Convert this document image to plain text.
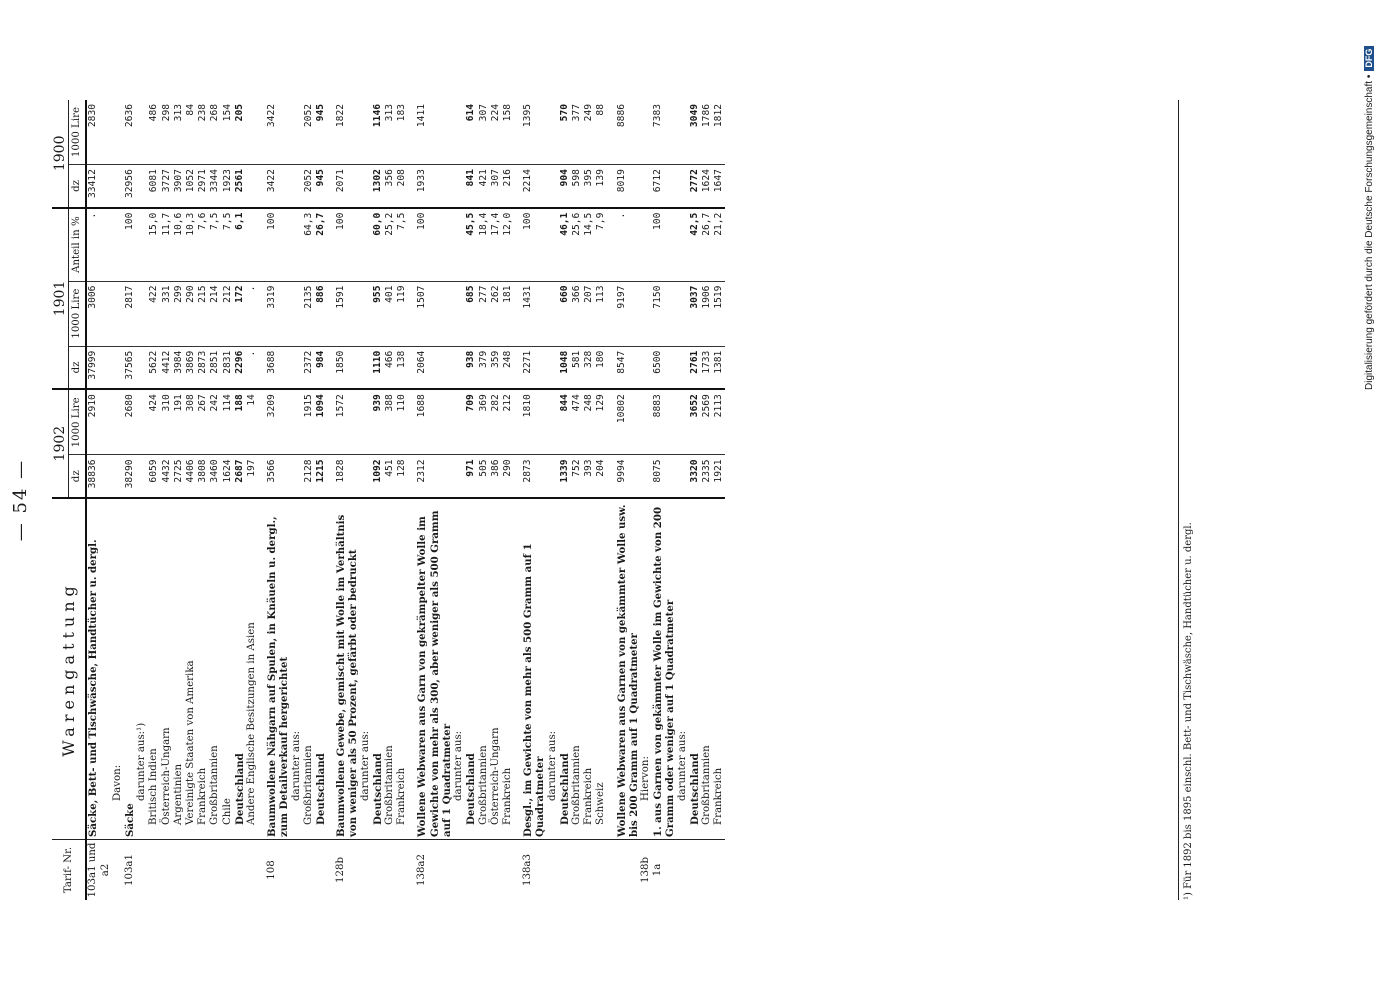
— 54 —
Tarif- Nr.	Warengattung	1902		1901			1900	
		dz	1000 Lire	dz	1000 Lire	Anteil in %	dz	1000 Lire
103a1 und a2	Säcke, Bett- und Tischwäsche, Handtücher u. dergl.	38836	2910	37999	3006	.	33412	2830
	Davon:							
103a1	Säcke	38290	2680	37565	2817	100	32956	2636
	darunter aus:¹)							
	Britisch Indien	6059	424	5622	422	15,0	6081	486
	Österreich-Ungarn	4432	310	4412	331	11,7	3727	298
	Argentinien	2725	191	3984	299	10,6	3907	313
	Vereinigte Staaten von Amerika	4406	308	3869	290	10,3	1052	84
	Frankreich	3808	267	2873	215	7,6	2971	238
	Großbritannien	3460	242	2851	214	7,5	3344	268
	Chile	1624	114	2831	212	7,5	1923	154
	Deutschland	2687	188	2296	172	6,1	2561	205
	Andere Englische Besitzungen in Asien	197	14	.	.			

108	Baumwollene Nähgarn auf Spulen, in Knäueln u. dergl., zum Detailverkauf hergerichtet	3566	3209	3688	3319	100	3422	3422
	darunter aus:							
	Großbritannien	2128	1915	2372	2135	64,3	2052	2052
	Deutschland	1215	1094	984	886	26,7	945	945

128b	Baumwollene Gewebe, gemischt mit Wolle im Verhältnis von weniger als 50 Prozent, gefärbt oder bedruckt	1828	1572	1850	1591	100	2071	1822
	darunter aus:							
	Deutschland	1092	939	1110	955	60,0	1302	1146
	Großbritannien	451	388	466	401	25,2	356	313
	Frankreich	128	110	138	119	7,5	208	183

138a2	Wollene Webwaren aus Garn von gekrämpelter Wolle im Gewichte von mehr als 300, aber weniger als 500 Gramm auf 1 Quadratmeter	2312	1688	2064	1507	100	1933	1411
	darunter aus:							
	Deutschland	971	709	938	685	45,5	841	614
	Großbritannien	505	369	379	277	18,4	421	307
	Österreich-Ungarn	386	282	359	262	17,4	307	224
	Frankreich	290	212	248	181	12,0	216	158

138a3	Desgl., im Gewichte von mehr als 500 Gramm auf 1 Quadratmeter	2873	1810	2271	1431	100	2214	1395
	darunter aus:							
	Deutschland	1339	844	1048	660	46,1	904	570
	Großbritannien	752	474	581	366	25,6	598	377
	Frankreich	393	248	328	207	14,5	395	249
	Schweiz	204	129	180	113	7,9	139	88

	Wollene Webwaren aus Garnen von gekämmter Wolle usw. bis 200 Gramm auf 1 Quadratmeter	9994	10802	8547	9197	.	8019	8886
138b	Hiervon:							
1a	1. aus Garnen von gekämmter Wolle im Gewichte von 200 Gramm oder weniger auf 1 Quadratmeter	8075	8883	6500	7150	100	6712	7383
	darunter aus:							
	Deutschland	3320	3652	2761	3037	42,5	2772	3049
	Großbritannien	2335	2569	1733	1906	26,7	1624	1786
	Frankreich	1921	2113	1381	1519	21,2	1647	1812
¹) Für 1892 bis 1895 einschl. Bett- und Tischwäsche, Handtücher u. dergl.
Digitalisierung gefördert durch die Deutsche Forschungsgemeinschaft •DFG
